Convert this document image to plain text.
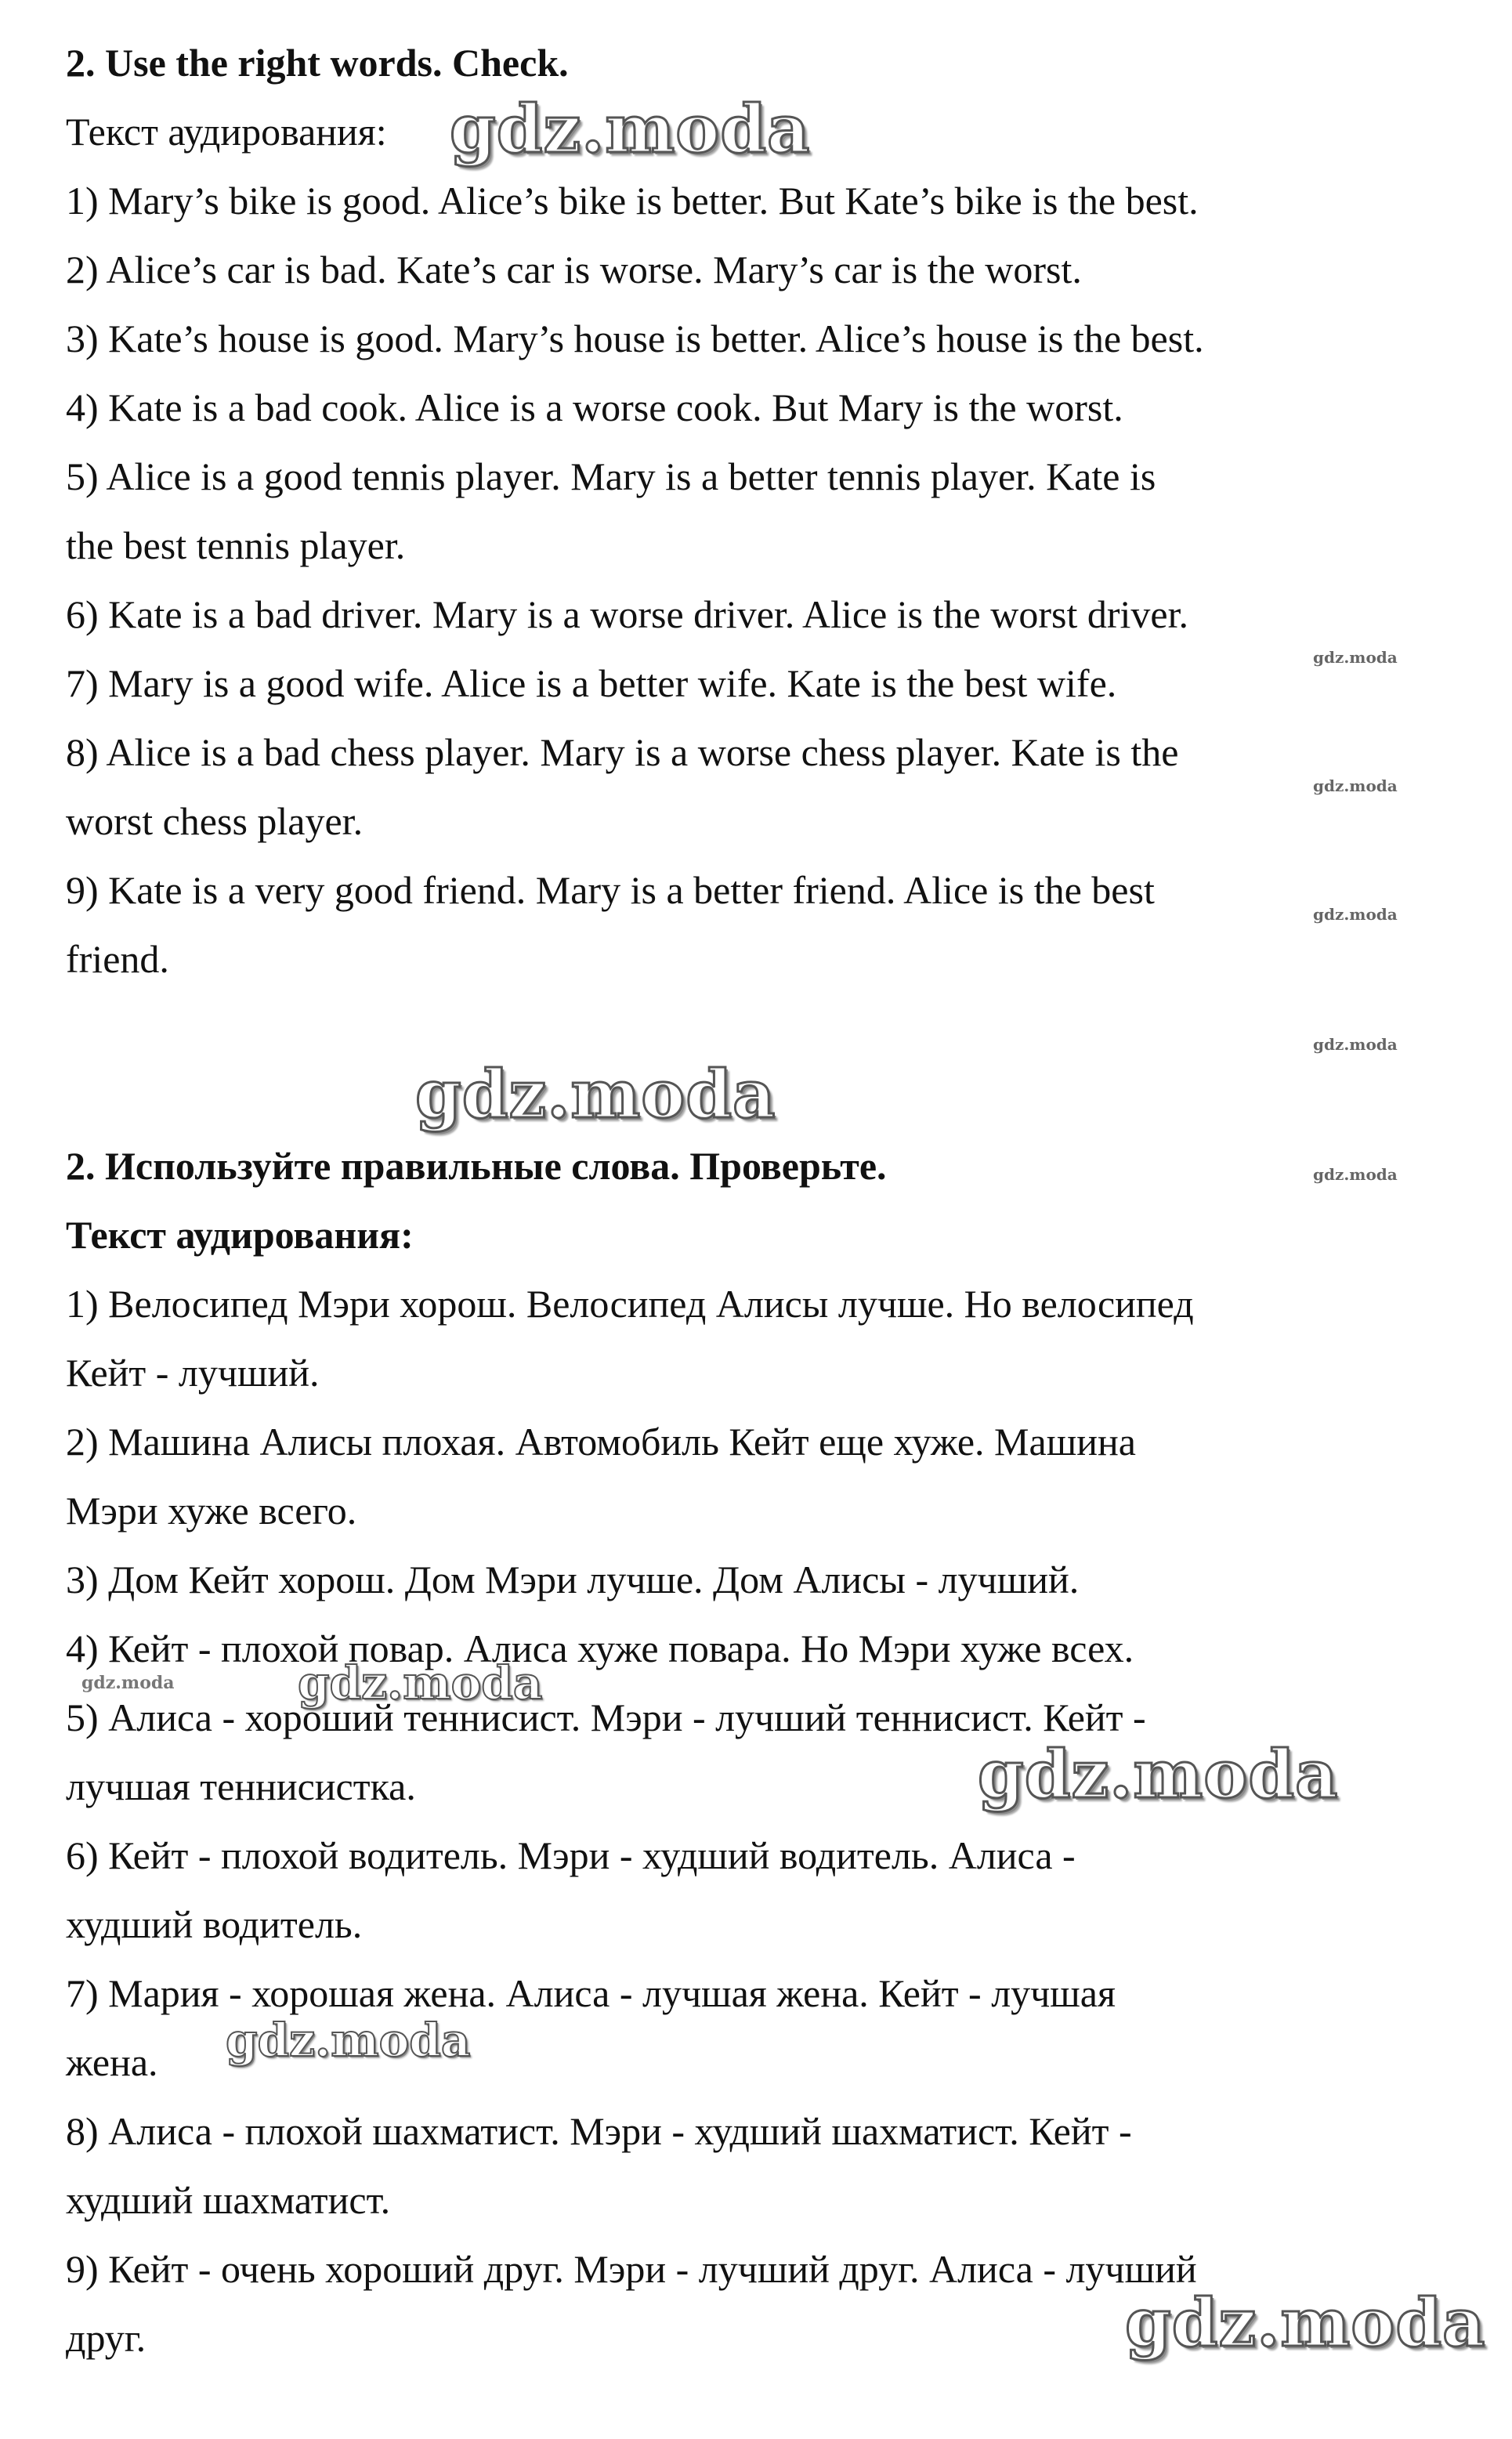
2. Use the right words. Check.
Текст аудирования:
1) Mary’s bike is good. Alice’s bike is better. But Kate’s bike is the best.
2) Alice’s car is bad. Kate’s car is worse. Mary’s car is the worst.
3) Kate’s house is good. Mary’s house is better. Alice’s house is the best.
4) Kate is a bad cook. Alice is a worse cook. But Mary is the worst.
5) Alice is a good tennis player. Mary is a better tennis player. Kate is
the best tennis player.
6) Kate is a bad driver. Mary is a worse driver. Alice is the worst driver.
7) Mary is a good wife. Alice is a better wife. Kate is the best wife.
8) Alice is a bad chess player. Mary is a worse chess player. Kate is the
worst chess player.
9) Kate is a very good friend. Mary is a better friend. Alice is the best
friend.
2. Используйте правильные слова. Проверьте.
Текст аудирования:
1) Велосипед Мэри хорош. Велосипед Алисы лучше. Но велосипед
Кейт - лучший.
2) Машина Алисы плохая. Автомобиль Кейт еще хуже. Машина
Мэри хуже всего.
3) Дом Кейт хорош. Дом Мэри лучше. Дом Алисы - лучший.
4) Кейт - плохой повар. Алиса хуже повара. Но Мэри хуже всех.
5) Алиса - хороший теннисист. Мэри - лучший теннисист. Кейт -
лучшая теннисистка.
6) Кейт - плохой водитель. Мэри - худший водитель. Алиса -
худший водитель.
7) Мария - хорошая жена. Алиса - лучшая жена. Кейт - лучшая
жена.
8) Алиса - плохой шахматист. Мэри - худший шахматист. Кейт -
худший шахматист.
9) Кейт - очень хороший друг. Мэри - лучший друг. Алиса - лучший
друг.
gdz.moda
gdz.moda
gdz.moda
gdz.moda
gdz.moda
gdz.moda
gdz.moda
gdz.moda	gdz.moda
gdz.moda
gdz.moda
gdz.moda
